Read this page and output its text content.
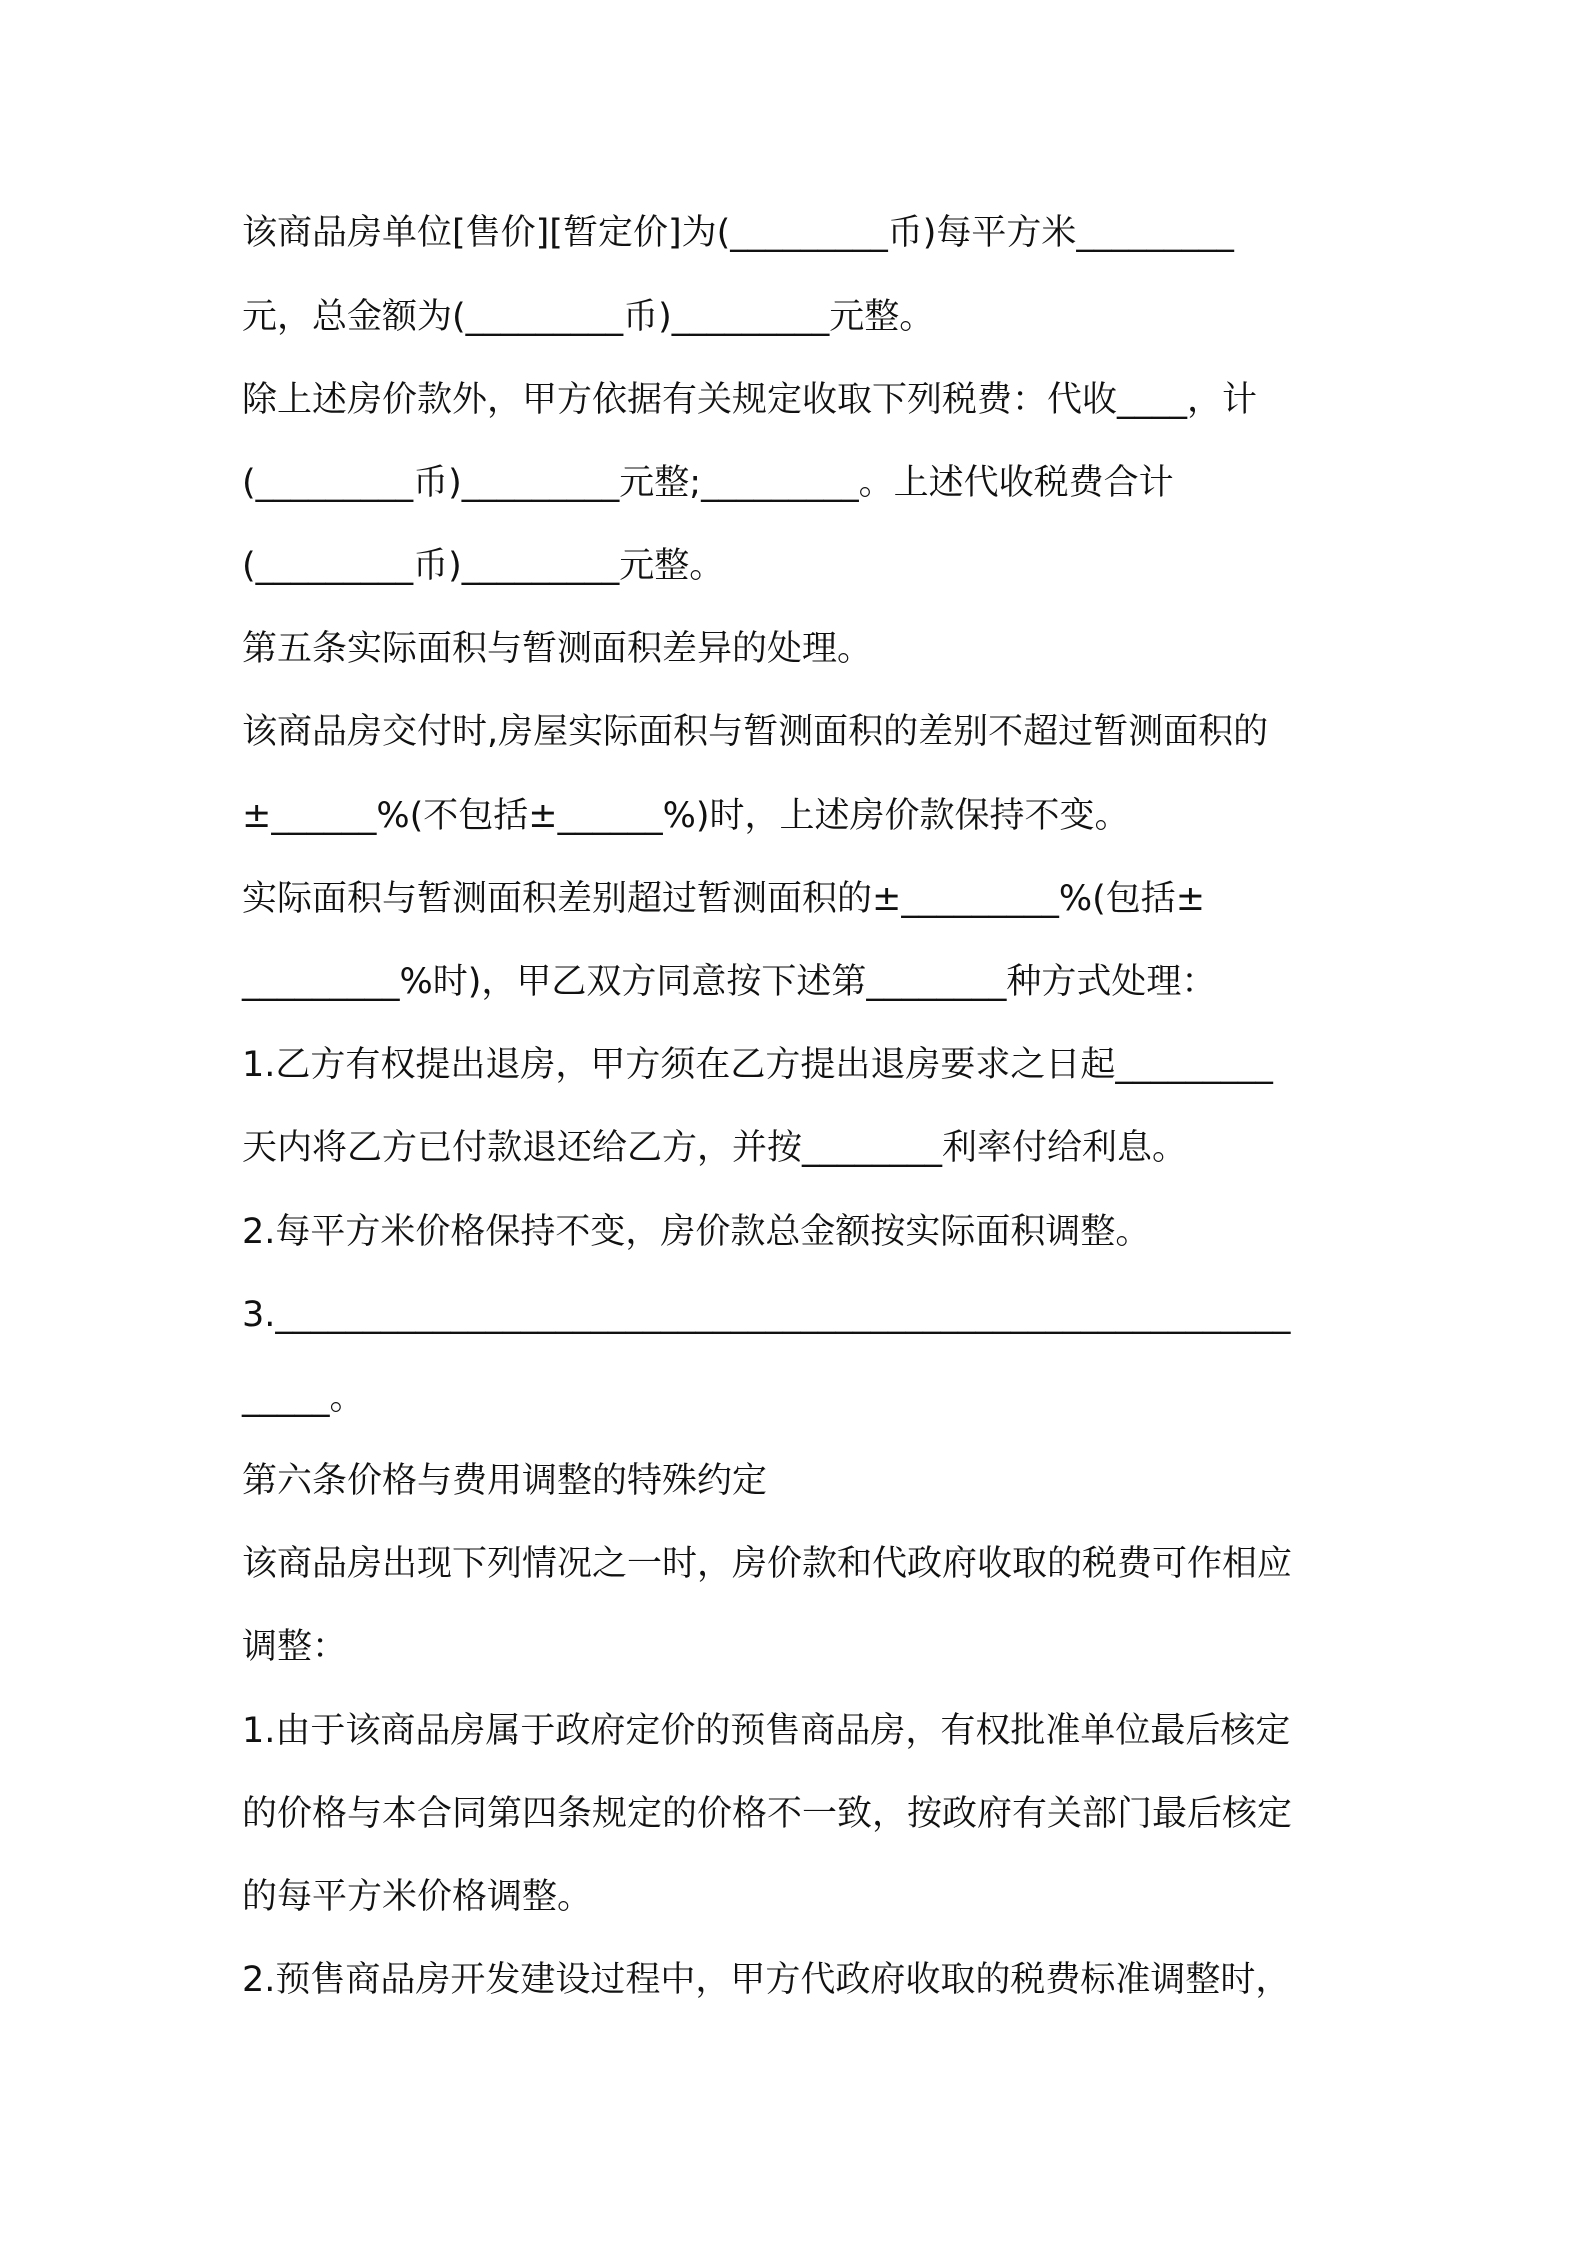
该商品房单位[售价][暂定价]为(_________币)每平方米_________

元，总金额为(_________币)_________元整。

除上述房价款外，甲方依据有关规定收取下列税费：代收____，计

(_________币)_________元整;_________。上述代收税费合计

(_________币)_________元整。

第五条实际面积与暂测面积差异的处理。

该商品房交付时,房屋实际面积与暂测面积的差别不超过暂测面积的

±______%(不包括±______%)时，上述房价款保持不变。

实际面积与暂测面积差别超过暂测面积的±_________%(包括±

_________%时)，甲乙双方同意按下述第________种方式处理：

1.乙方有权提出退房，甲方须在乙方提出退房要求之日起_________

天内将乙方已付款退还给乙方，并按________利率付给利息。

2.每平方米价格保持不变，房价款总金额按实际面积调整。

3.__________________________________________________________

_____。

第六条价格与费用调整的特殊约定

该商品房出现下列情况之一时，房价款和代政府收取的税费可作相应

调整：

1.由于该商品房属于政府定价的预售商品房，有权批准单位最后核定

的价格与本合同第四条规定的价格不一致，按政府有关部门最后核定

的每平方米价格调整。

2.预售商品房开发建设过程中，甲方代政府收取的税费标准调整时，
